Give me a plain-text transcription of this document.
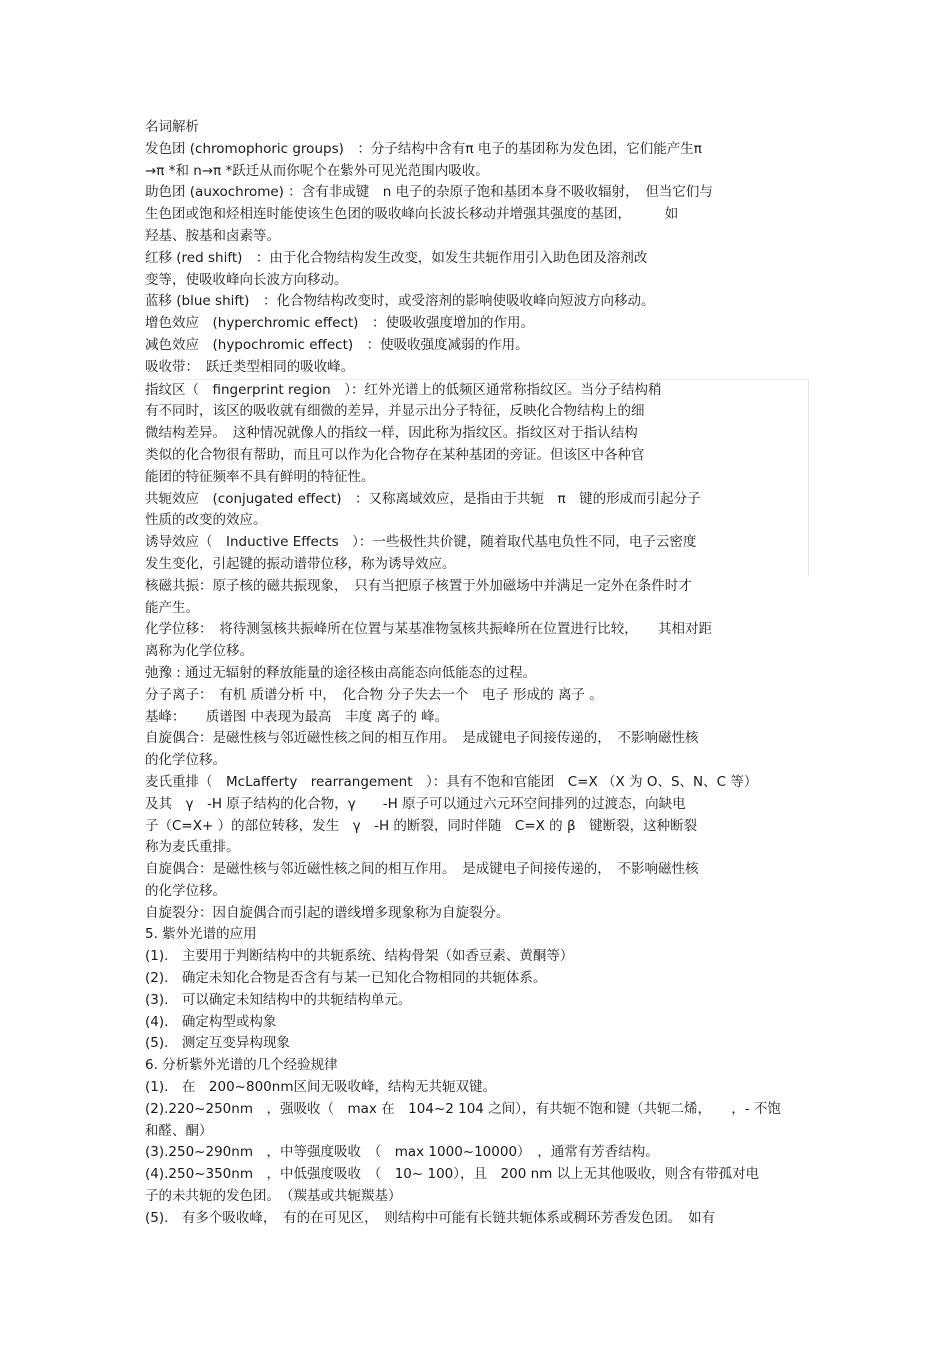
名词解析
发色团 (chromophoric groups)　：分子结构中含有π 电子的基团称为发色团，它们能产生π
→π *和 n→π *跃迁从而你呢个在紫外可见光范围内吸收。
助色团 (auxochrome) ：含有非成键　n 电子的杂原子饱和基团本身不吸收辐射，　但当它们与
生色团或饱和烃相连时能使该生色团的吸收峰向长波长移动并增强其强度的基团，　　　如
羟基、胺基和卤素等。
红移 (red shift)　：由于化合物结构发生改变，如发生共轭作用引入助色团及溶剂改
变等，使吸收峰向长波方向移动。
蓝移 (blue shift)　：化合物结构改变时，或受溶剂的影响使吸收峰向短波方向移动。
增色效应　(hyperchromic effect)　：使吸收强度增加的作用。
减色效应　(hypochromic effect)　：使吸收强度减弱的作用。
吸收带：　跃迁类型相同的吸收峰。
指纹区（　fingerprint region　）：红外光谱上的低频区通常称指纹区。当分子结构稍
有不同时，该区的吸收就有细微的差异，并显示出分子特征，反映化合物结构上的细
微结构差异。　这种情况就像人的指纹一样，因此称为指纹区。指纹区对于指认结构
类似的化合物很有帮助，而且可以作为化合物存在某种基团的旁证。但该区中各种官
能团的特征频率不具有鲜明的特征性。
共轭效应　(conjugated effect)　：又称离域效应，是指由于共轭　π　键的形成而引起分子
性质的改变的效应。
诱导效应（　Inductive Effects　）：一些极性共价键，随着取代基电负性不同，电子云密度
发生变化，引起键的振动谱带位移，称为诱导效应。
核磁共振：原子核的磁共振现象，　只有当把原子核置于外加磁场中并满足一定外在条件时才
能产生。
化学位移：　将待测氢核共振峰所在位置与某基准物氢核共振峰所在位置进行比较，　　其相对距
离称为化学位移。
弛豫 : 通过无辐射的释放能量的途径核由高能态向低能态的过程。
分子离子：　有机 质谱分析 中，　化合物 分子失去一个　电子 形成的 离子 。
基峰：　　质谱图 中表现为最高　丰度 离子的 峰。
自旋偶合：是磁性核与邻近磁性核之间的相互作用。　是成键电子间接传递的，　不影响磁性核
的化学位移。
麦氏重排（　McLafferty　rearrangement　）：具有不饱和官能团　C=X （X 为 O、S、N、C 等）
及其　γ　-H 原子结构的化合物，γ　　-H 原子可以通过六元环空间排列的过渡态，向缺电
子（C=X+ ）的部位转移，发生　γ　-H 的断裂，同时伴随　C=X 的 β　键断裂，这种断裂
称为麦氏重排。
自旋偶合：是磁性核与邻近磁性核之间的相互作用。　是成键电子间接传递的，　不影响磁性核
的化学位移。
自旋裂分：因自旋偶合而引起的谱线增多现象称为自旋裂分。
5. 紫外光谱的应用
(1).　主要用于判断结构中的共轭系统、结构骨架（如香豆素、黄酮等）
(2).　确定未知化合物是否含有与某一已知化合物相同的共轭体系。
(3).　可以确定未知结构中的共轭结构单元。
(4).　确定构型或构象
(5).　测定互变异构现象
6. 分析紫外光谱的几个经验规律
(1).　在　200~800nm区间无吸收峰，结构无共轭双键。
(2).220~250nm　，强吸收（　max 在　104~2 104 之间），有共轭不饱和键（共轭二烯，　　，- 不饱
和醛、酮）
(3).250~290nm　，中等强度吸收　（　max 1000~10000）　，通常有芳香结构。
(4).250~350nm　，中低强度吸收　（　10~ 100），且　200 nm 以上无其他吸收，则含有带孤对电
子的未共轭的发色团。　（羰基或共轭羰基）
(5).　有多个吸收峰，　有的在可见区，　则结构中可能有长链共轭体系或稠环芳香发色团。　如有
